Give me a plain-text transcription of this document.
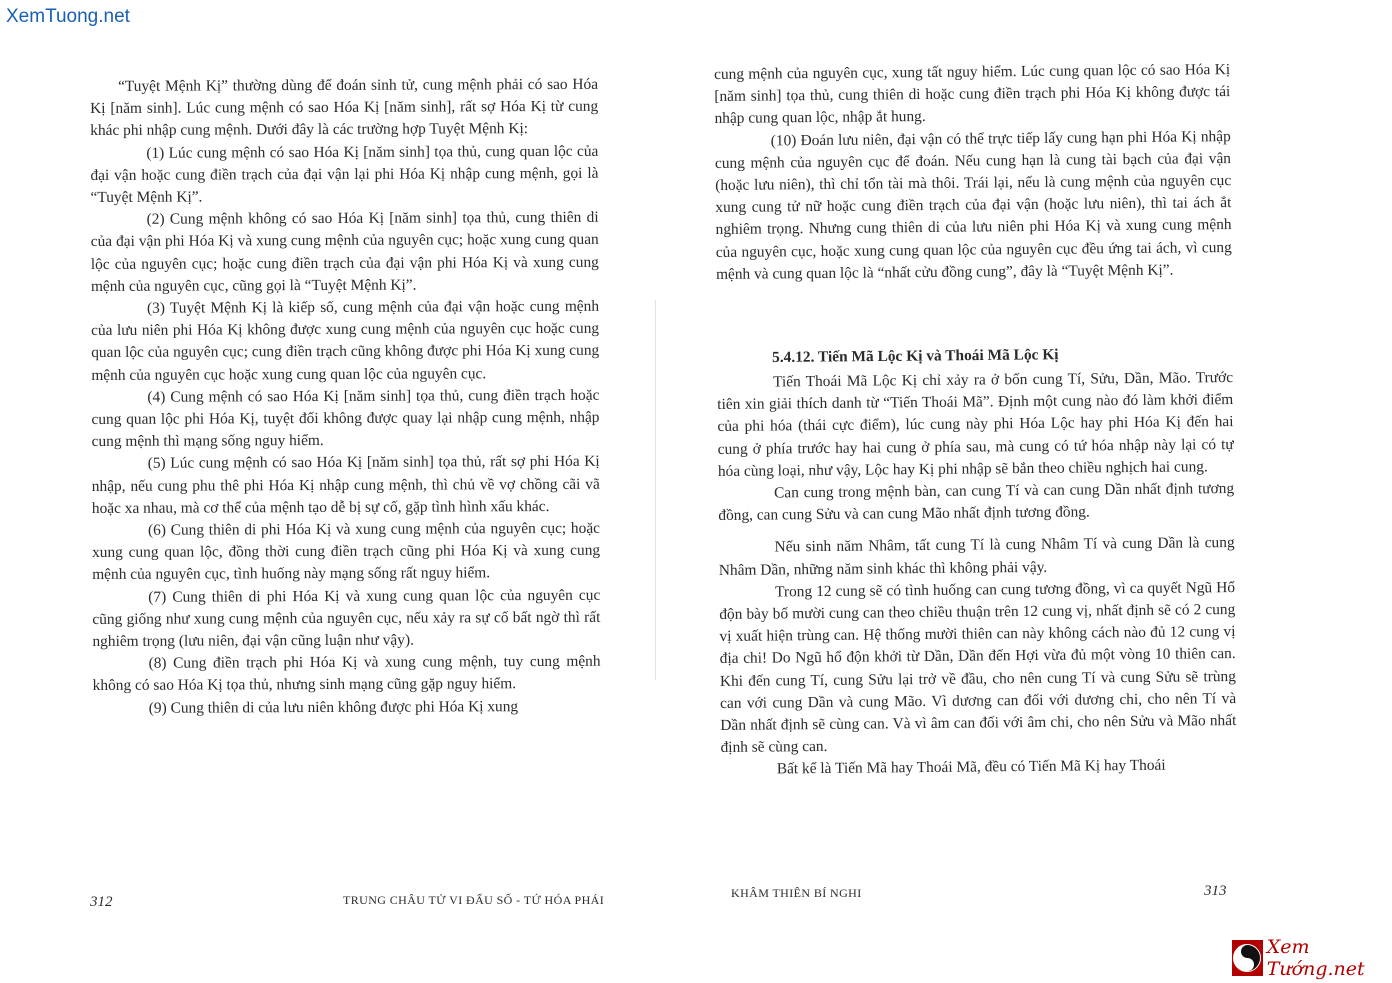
XemTuong.net

“Tuyệt Mệnh Kị” thường dùng để đoán sinh tử, cung mệnh phải có sao Hóa Kị [năm sinh]. Lúc cung mệnh có sao Hóa Kị [năm sinh], rất sợ Hóa Kị từ cung khác phi nhập cung mệnh. Dưới đây là các trường hợp Tuyệt Mệnh Kị:

(1) Lúc cung mệnh có sao Hóa Kị [năm sinh] tọa thủ, cung quan lộc của đại vận hoặc cung điền trạch của đại vận lại phi Hóa Kị nhập cung mệnh, gọi là “Tuyệt Mệnh Kị”.

(2) Cung mệnh không có sao Hóa Kị [năm sinh] tọa thủ, cung thiên di của đại vận phi Hóa Kị và xung cung mệnh của nguyên cục; hoặc xung cung quan lộc của nguyên cục; hoặc cung điền trạch của đại vận phi Hóa Kị và xung cung mệnh của nguyên cục, cũng gọi là “Tuyệt Mệnh Kị”.

(3) Tuyệt Mệnh Kị là kiếp số, cung mệnh của đại vận hoặc cung mệnh của lưu niên phi Hóa Kị không được xung cung mệnh của nguyên cục hoặc cung quan lộc của nguyên cục; cung điền trạch cũng không được phi Hóa Kị xung cung mệnh của nguyên cục hoặc xung cung quan lộc của nguyên cục.

(4) Cung mệnh có sao Hóa Kị [năm sinh] tọa thủ, cung điền trạch hoặc cung quan lộc phi Hóa Kị, tuyệt đối không được quay lại nhập cung mệnh, nhập cung mệnh thì mạng sống nguy hiểm.

(5) Lúc cung mệnh có sao Hóa Kị [năm sinh] tọa thủ, rất sợ phi Hóa Kị nhập, nếu cung phu thê phi Hóa Kị nhập cung mệnh, thì chủ về vợ chồng cãi vã hoặc xa nhau, mà cơ thể của mệnh tạo dễ bị sự cố, gặp tình hình xấu khác.

(6) Cung thiên di phi Hóa Kị và xung cung mệnh của nguyên cục; hoặc xung cung quan lộc, đồng thời cung điền trạch cũng phi Hóa Kị và xung cung mệnh của nguyên cục, tình huống này mạng sống rất nguy hiểm.

(7) Cung thiên di phi Hóa Kị và xung cung quan lộc của nguyên cục cũng giống như xung cung mệnh của nguyên cục, nếu xảy ra sự cố bất ngờ thì rất nghiêm trọng (lưu niên, đại vận cũng luận như vậy).

(8) Cung điền trạch phi Hóa Kị và xung cung mệnh, tuy cung mệnh không có sao Hóa Kị tọa thủ, nhưng sinh mạng cũng gặp nguy hiểm.

(9) Cung thiên di của lưu niên không được phi Hóa Kị xung

312	TRUNG CHÂU TỬ VI ĐẨU SỐ - TỨ HÓA PHÁI

cung mệnh của nguyên cục, xung tất nguy hiểm. Lúc cung quan lộc có sao Hóa Kị [năm sinh] tọa thủ, cung thiên di hoặc cung điền trạch phi Hóa Kị không được tái nhập cung quan lộc, nhập ắt hung.

(10) Đoán lưu niên, đại vận có thể trực tiếp lấy cung hạn phi Hóa Kị nhập cung mệnh của nguyên cục để đoán. Nếu cung hạn là cung tài bạch của đại vận (hoặc lưu niên), thì chỉ tổn tài mà thôi. Trái lại, nếu là cung mệnh của nguyên cục xung cung tử nữ hoặc cung điền trạch của đại vận (hoặc lưu niên), thì tai ách ắt nghiêm trọng. Nhưng cung thiên di của lưu niên phi Hóa Kị và xung cung mệnh của nguyên cục, hoặc xung cung quan lộc của nguyên cục đều ứng tai ách, vì cung mệnh và cung quan lộc là “nhất cửu đồng cung”, đây là “Tuyệt Mệnh Kị”.

Tiến Thoái Mã Lộc Kị chỉ xảy ra ở bốn cung Tí, Sửu, Dần, Mão. Trước tiên xin giải thích danh từ “Tiến Thoái Mã”. Định một cung nào đó làm khởi điểm của phi hóa (thái cực điểm), lúc cung này phi Hóa Lộc hay phi Hóa Kị đến hai cung ở phía trước hay hai cung ở phía sau, mà cung có tứ hóa nhập này lại có tự hóa cùng loại, như vậy, Lộc hay Kị phi nhập sẽ bắn theo chiều nghịch hai cung.

Can cung trong mệnh bàn, can cung Tí và can cung Dần nhất định tương đồng, can cung Sửu và can cung Mão nhất định tương đồng.

Nếu sinh năm Nhâm, tất cung Tí là cung Nhâm Tí và cung Dần là cung Nhâm Dần, những năm sinh khác thì không phải vậy.

Trong 12 cung sẽ có tình huống can cung tương đồng, vì ca quyết Ngũ Hổ độn bày bố mười cung can theo chiều thuận trên 12 cung vị, nhất định sẽ có 2 cung vị xuất hiện trùng can. Hệ thống mười thiên can này không cách nào đủ 12 cung vị địa chi! Do Ngũ hổ độn khởi từ Dần, Dần đến Hợi vừa đủ một vòng 10 thiên can. Khi đến cung Tí, cung Sửu lại trở về đầu, cho nên cung Tí và cung Sửu sẽ trùng can với cung Dần và cung Mão. Vì dương can đối với dương chi, cho nên Tí và Dần nhất định sẽ cùng can. Và vì âm can đối với âm chi, cho nên Sửu và Mão nhất định sẽ cùng can.

Bất kể là Tiến Mã hay Thoái Mã, đều có Tiến Mã Kị hay Thoái

5.4.12. Tiến Mã Lộc Kị và Thoái Mã Lộc Kị
KHÂM THIÊN BÍ NGHI	313
Xem Tướng.net
